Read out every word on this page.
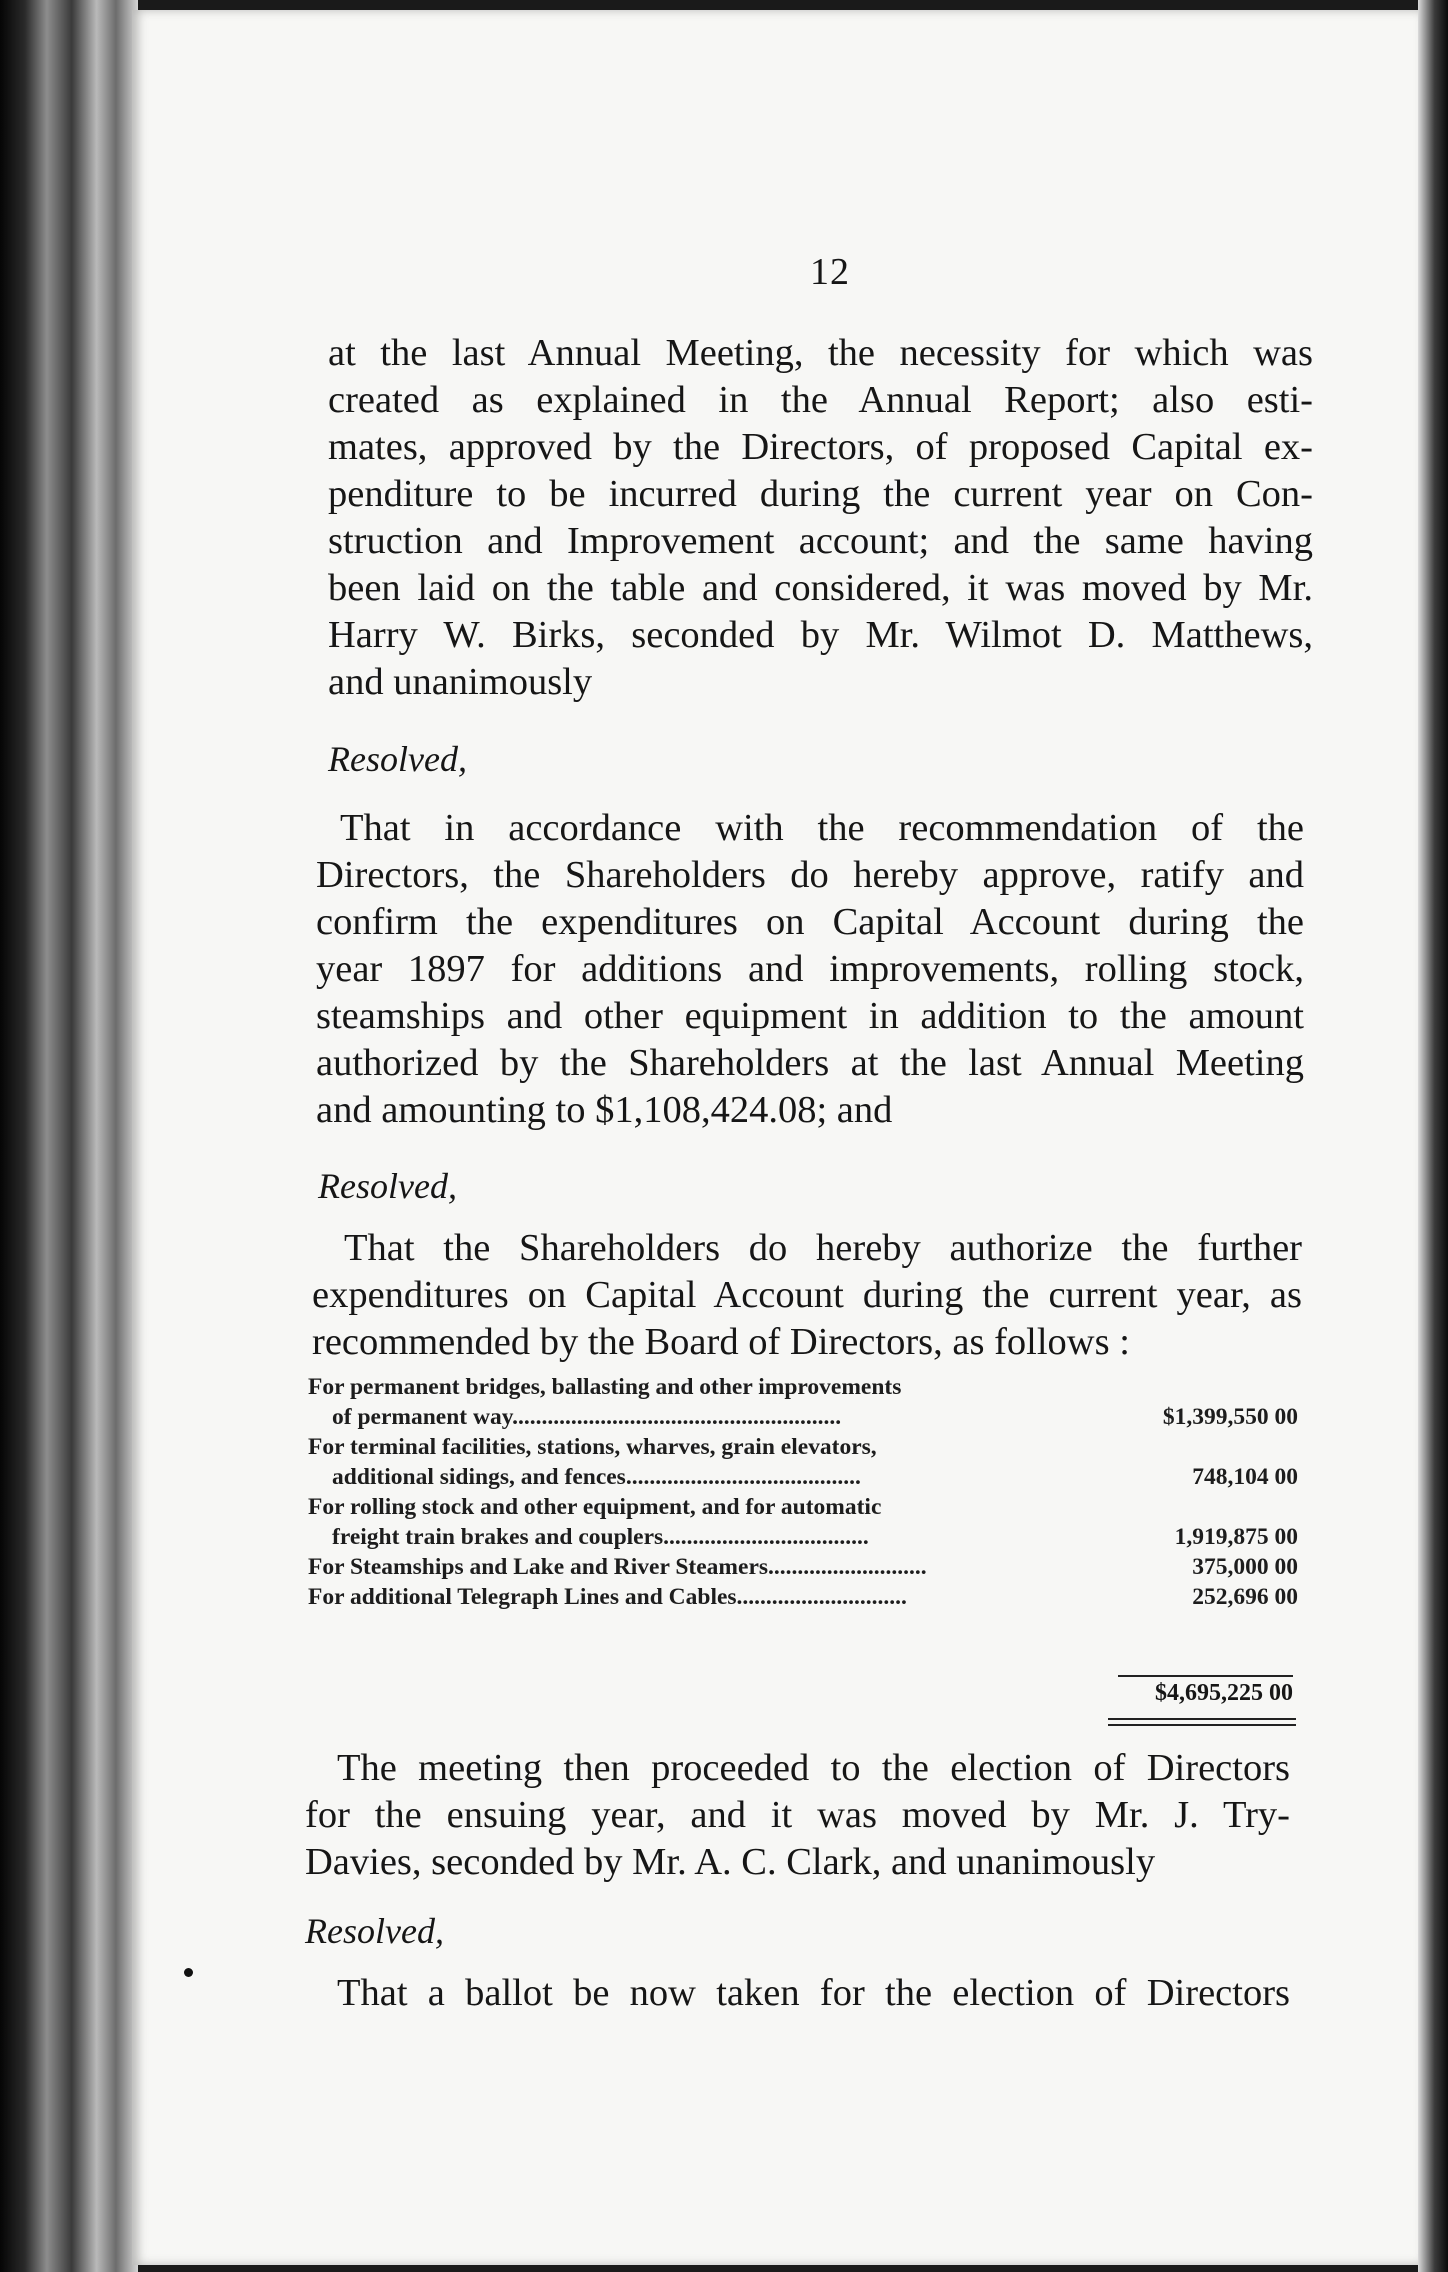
12
at the last Annual Meeting, the necessity for which was
created as explained in the Annual Report; also esti-
mates, approved by the Directors, of proposed Capital ex-
penditure to be incurred during the current year on Con-
struction and Improvement account; and the same having
been laid on the table and considered, it was moved by Mr.
Harry W. Birks, seconded by Mr. Wilmot D. Matthews,
and unanimously
Resolved,
That in accordance with the recommendation of the
Directors, the Shareholders do hereby approve, ratify and
confirm the expenditures on Capital Account during the
year 1897 for additions and improvements, rolling stock,
steamships and other equipment in addition to the amount
authorized by the Shareholders at the last Annual Meeting
and amounting to $1,108,424.08; and
Resolved,
That the Shareholders do hereby authorize the further
expenditures on Capital Account during the current year, as
recommended by the Board of Directors, as follows :
For permanent bridges, ballasting and other improvements
of permanent way........................................................	$1,399,550 00
For terminal facilities, stations, wharves, grain elevators,
additional sidings, and fences........................................	748,104 00
For rolling stock and other equipment, and for automatic
freight train brakes and couplers...................................	1,919,875 00
For Steamships and Lake and River Steamers...........................	375,000 00
For additional Telegraph Lines and Cables.............................	252,696 00
$4,695,225 00
The meeting then proceeded to the election of Directors
for the ensuing year, and it was moved by Mr. J. Try-
Davies, seconded by Mr. A. C. Clark, and unanimously
Resolved,
That a ballot be now taken for the election of Directors
